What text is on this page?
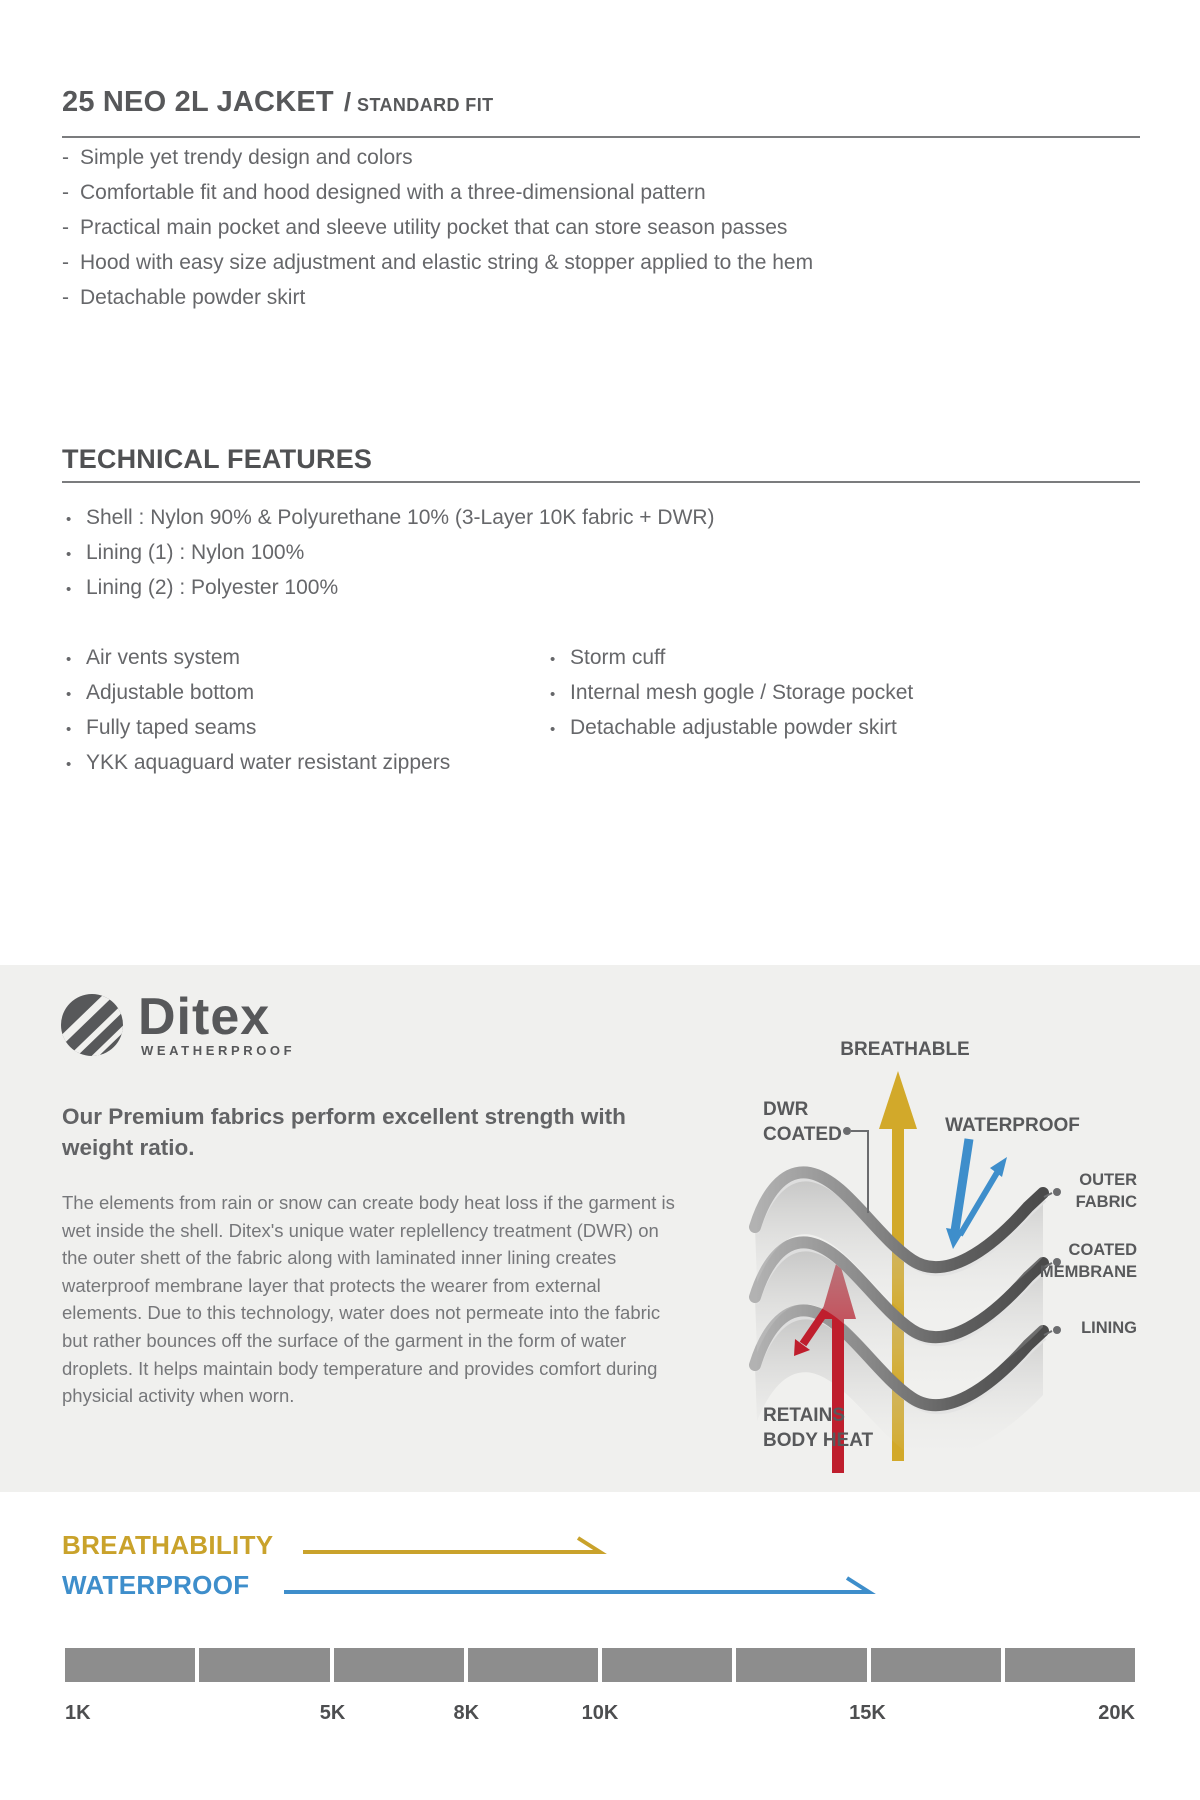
25 NEO 2L JACKET / STANDARD FIT
- Simple yet trendy design and colors
- Comfortable fit and hood designed with a three-dimensional pattern
- Practical main pocket and sleeve utility pocket that can store season passes
- Hood with easy size adjustment and elastic string & stopper applied to the hem
- Detachable powder skirt
TECHNICAL FEATURES
• Shell : Nylon 90% & Polyurethane 10% (3-Layer 10K fabric + DWR)
• Lining (1) : Nylon 100%
• Lining (2) : Polyester 100%
• Air vents system
• Adjustable bottom
• Fully taped seams
• YKK aquaguard water resistant zippers
• Storm cuff
• Internal mesh gogle / Storage pocket
• Detachable adjustable powder skirt
Ditex
WEATHERPROOF
Our Premium fabrics perform excellent strength with weight ratio.
The elements from rain or snow can create body heat loss if the garment is wet inside the shell. Ditex's unique water replellency treatment (DWR) on the outer shett of the fabric along with laminated inner lining creates waterproof membrane layer that protects the wearer from external elements. Due to this technology, water does not permeate into the fabric but rather bounces off the surface of the garment in the form of water droplets. It helps maintain body temperature and provides comfort during physicial activity when worn.
BREATHABLE
DWR COATED	WATERPROOF
OUTER FABRIC
COATED MEMBRANE
LINING
RETAINS BODY HEAT
BREATHABILITY
WATERPROOF
1K	5K	8K	10K	15K	20K
